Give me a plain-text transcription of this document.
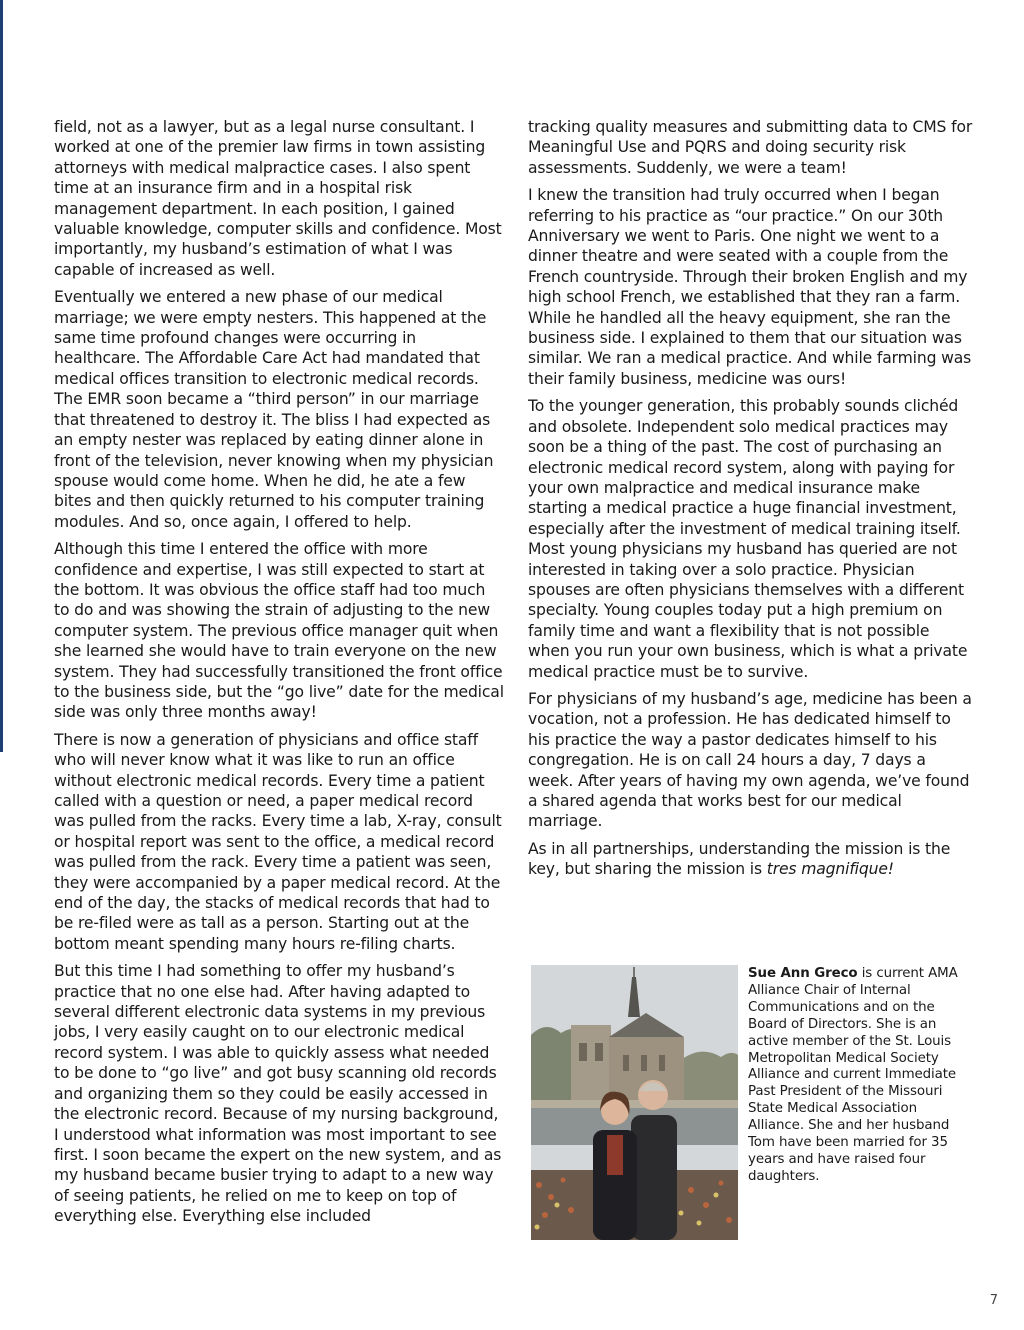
field, not as a lawyer, but as a legal nurse consultant. I worked at one of the premier law firms in town assisting attorneys with medical malpractice cases. I also spent time at an insurance firm and in a hospital risk management department. In each position, I gained valuable knowledge, computer skills and confidence. Most importantly, my husband’s estimation of what I was capable of increased as well.

Eventually we entered a new phase of our medical marriage; we were empty nesters. This happened at the same time profound changes were occurring in healthcare. The Affordable Care Act had mandated that medical offices transition to electronic medical records. The EMR soon became a “third person” in our marriage that threatened to destroy it. The bliss I had expected as an empty nester was replaced by eating dinner alone in front of the television, never knowing when my physician spouse would come home. When he did, he ate a few bites and then quickly returned to his computer training modules. And so, once again, I offered to help.

Although this time I entered the office with more confidence and expertise, I was still expected to start at the bottom. It was obvious the office staff had too much to do and was showing the strain of adjusting to the new computer system. The previous office manager quit when she learned she would have to train everyone on the new system. They had successfully transitioned the front office to the business side, but the “go live” date for the medical side was only three months away!

There is now a generation of physicians and office staff who will never know what it was like to run an office without electronic medical records. Every time a patient called with a question or need, a paper medical record was pulled from the racks. Every time a lab, X-ray, consult or hospital report was sent to the office, a medical record was pulled from the rack. Every time a patient was seen, they were accompanied by a paper medical record. At the end of the day, the stacks of medical records that had to be re-filed were as tall as a person. Starting out at the bottom meant spending many hours re-filing charts.

But this time I had something to offer my husband’s practice that no one else had. After having adapted to several different electronic data systems in my previous jobs, I very easily caught on to our electronic medical record system. I was able to quickly assess what needed to be done to “go live” and got busy scanning old records and organizing them so they could be easily accessed in the electronic record. Because of my nursing background, I understood what information was most important to see first. I soon became the expert on the new system, and as my husband became busier trying to adapt to a new way of seeing patients, he relied on me to keep on top of everything else. Everything else included

tracking quality measures and submitting data to CMS for Meaningful Use and PQRS and doing security risk assessments. Suddenly, we were a team!

I knew the transition had truly occurred when I began referring to his practice as “our practice.” On our 30th Anniversary we went to Paris. One night we went to a dinner theatre and were seated with a couple from the French countryside. Through their broken English and my high school French, we established that they ran a farm. While he handled all the heavy equipment, she ran the business side. I explained to them that our situation was similar. We ran a medical practice. And while farming was their family business, medicine was ours!

To the younger generation, this probably sounds clichéd and obsolete. Independent solo medical practices may soon be a thing of the past. The cost of purchasing an electronic medical record system, along with paying for your own malpractice and medical insurance make starting a medical practice a huge financial investment, especially after the investment of medical training itself. Most young physicians my husband has queried are not interested in taking over a solo practice. Physician spouses are often physicians themselves with a different specialty. Young couples today put a high premium on family time and want a flexibility that is not possible when you run your own business, which is what a private medical practice must be to survive.

For physicians of my husband’s age, medicine has been a vocation, not a profession. He has dedicated himself to his practice the way a pastor dedicates himself to his congregation. He is on call 24 hours a day, 7 days a week. After years of having my own agenda, we’ve found a shared agenda that works best for our medical marriage.

As in all partnerships, understanding the mission is the key, but sharing the mission is tres magnifique!

Sue Ann Greco is current AMA Alliance Chair of Internal Communications and on the Board of Directors. She is an active member of the St. Louis Metropolitan Medical Society Alliance and current Immediate Past President of the Missouri State Medical Association Alliance. She and her husband Tom have been married for 35 years and have raised four daughters.
7
